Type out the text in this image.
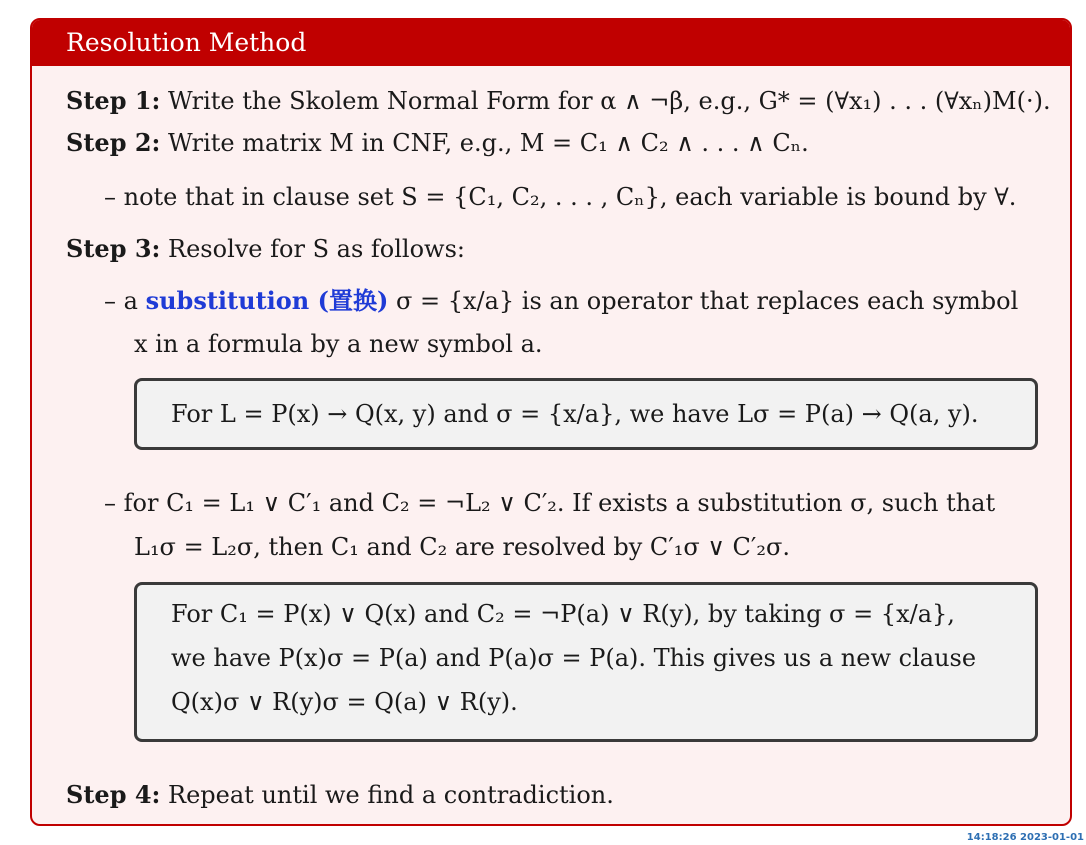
Resolution Method
Step 1: Write the Skolem Normal Form for α ∧ ¬β, e.g., G* = (∀x₁) . . . (∀xₙ)M(·).
Step 2: Write matrix M in CNF, e.g., M = C₁ ∧ C₂ ∧ . . . ∧ Cₙ.
– note that in clause set S = {C₁, C₂, . . . , Cₙ}, each variable is bound by ∀.
Step 3: Resolve for S as follows:
– a substitution (置换) σ = {x/a} is an operator that replaces each symbol
x in a formula by a new symbol a.
For L = P(x) → Q(x, y) and σ = {x/a}, we have Lσ = P(a) → Q(a, y).
– for C₁ = L₁ ∨ C′₁ and C₂ = ¬L₂ ∨ C′₂. If exists a substitution σ, such that
L₁σ = L₂σ, then C₁ and C₂ are resolved by C′₁σ ∨ C′₂σ.
For C₁ = P(x) ∨ Q(x) and C₂ = ¬P(a) ∨ R(y), by taking σ = {x/a},
we have P(x)σ = P(a) and P(a)σ = P(a). This gives us a new clause
Q(x)σ ∨ R(y)σ = Q(a) ∨ R(y).
Step 4: Repeat until we find a contradiction.
14:18:26 2023-01-01
